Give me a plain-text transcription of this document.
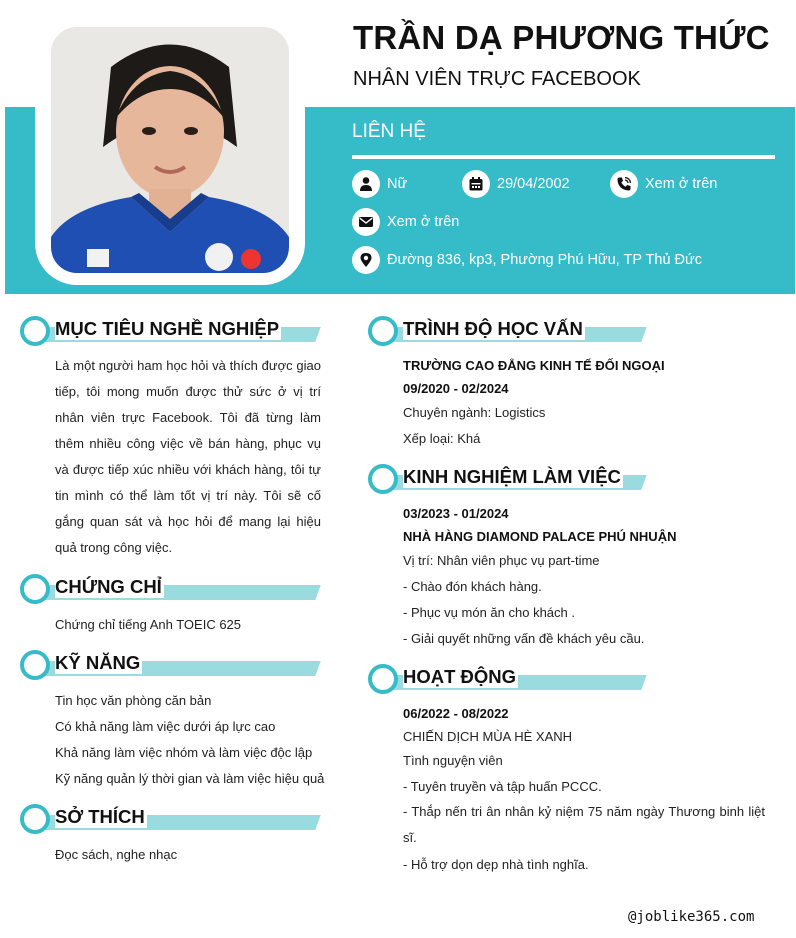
TRẦN DẠ PHƯƠNG THỨC
NHÂN VIÊN TRỰC FACEBOOK
LIÊN HỆ
Nữ	29/04/2002	Xem ở trên
Xem ở trên
Đường 836, kp3, Phường Phú Hữu, TP Thủ Đức
MỤC TIÊU NGHỀ NGHIỆP

Là một người ham học hỏi và thích được giao tiếp, tôi mong muốn được thử sức ở vị trí nhân viên trực Facebook. Tôi đã từng làm thêm nhiều công việc về bán hàng, phục vụ và được tiếp xúc nhiều với khách hàng, tôi tự tin mình có thể làm tốt vị trí này. Tôi sẽ cố gắng quan sát và học hỏi để mang lại hiệu quả trong công việc.

CHỨNG CHỈ
Chứng chỉ tiếng Anh TOEIC 625
KỸ NĂNG
Tin học văn phòng căn bản
Có khả năng làm việc dưới áp lực cao
Khả năng làm việc nhóm và làm việc độc lập
Kỹ năng quản lý thời gian và làm việc hiệu quả
SỞ THÍCH
Đọc sách, nghe nhạc
TRÌNH ĐỘ HỌC VẤN
TRƯỜNG CAO ĐẲNG KINH TẾ ĐỐI NGOẠI
09/2020 - 02/2024
Chuyên ngành: Logistics
Xếp loại: Khá
KINH NGHIỆM LÀM VIỆC
03/2023 - 01/2024
NHÀ HÀNG DIAMOND PALACE PHÚ NHUẬN
Vị trí: Nhân viên phục vụ part-time
- Chào đón khách hàng.
- Phục vụ món ăn cho khách .
- Giải quyết những vấn đề khách yêu cầu.
HOẠT ĐỘNG
06/2022 - 08/2022
CHIẾN DỊCH MÙA HÈ XANH
Tình nguyện viên
- Tuyên truyền và tập huấn PCCC.
- Thắp nến tri ân nhân kỷ niệm 75 năm ngày Thương binh liệt sĩ.
- Hỗ trợ dọn dẹp nhà tình nghĩa.
@joblike365.com
